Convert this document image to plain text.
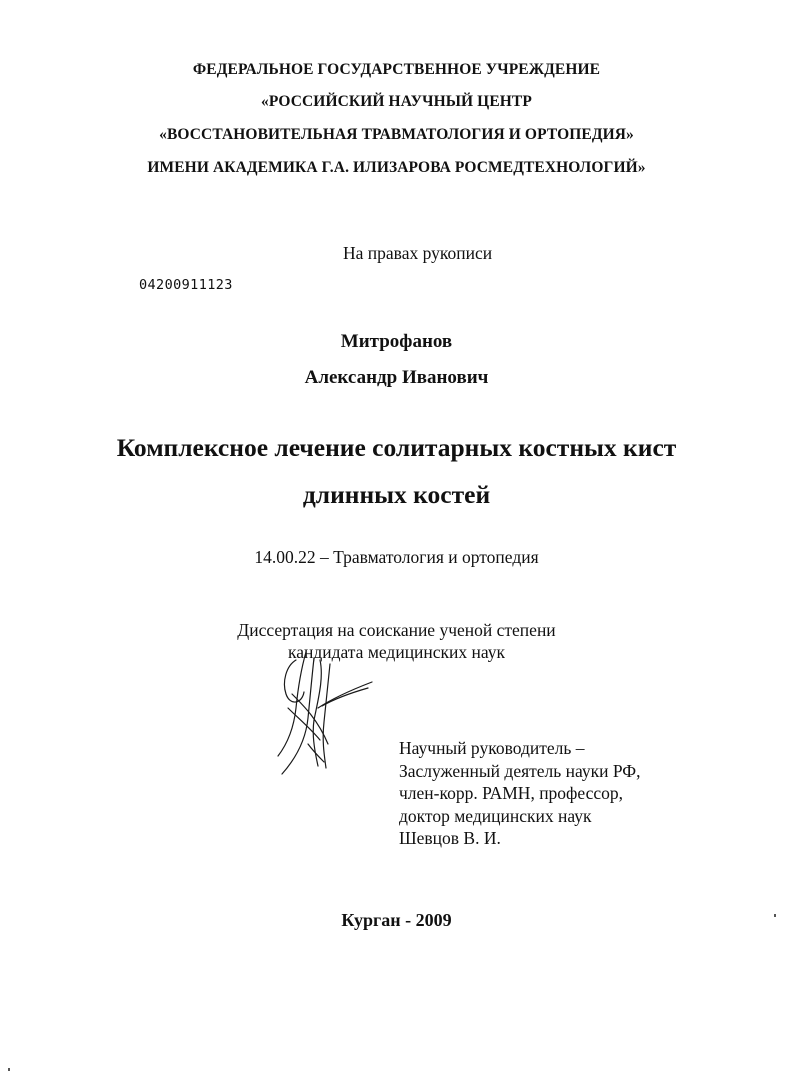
ФЕДЕРАЛЬНОЕ ГОСУДАРСТВЕННОЕ УЧРЕЖДЕНИЕ
«РОССИЙСКИЙ НАУЧНЫЙ ЦЕНТР
«ВОССТАНОВИТЕЛЬНАЯ ТРАВМАТОЛОГИЯ И ОРТОПЕДИЯ»
ИМЕНИ АКАДЕМИКА Г.А. ИЛИЗАРОВА РОСМЕДТЕХНОЛОГИЙ»
На правах рукописи
04200911123
Митрофанов
Александр Иванович
Комплексное лечение солитарных костных кист
длинных костей
14.00.22 – Травматология и ортопедия
Диссертация на соискание ученой степени
кандидата медицинских наук
Научный руководитель –
Заслуженный деятель науки РФ,
член-корр. РАМН, профессор,
доктор медицинских наук
Шевцов В. И.
Курган - 2009
